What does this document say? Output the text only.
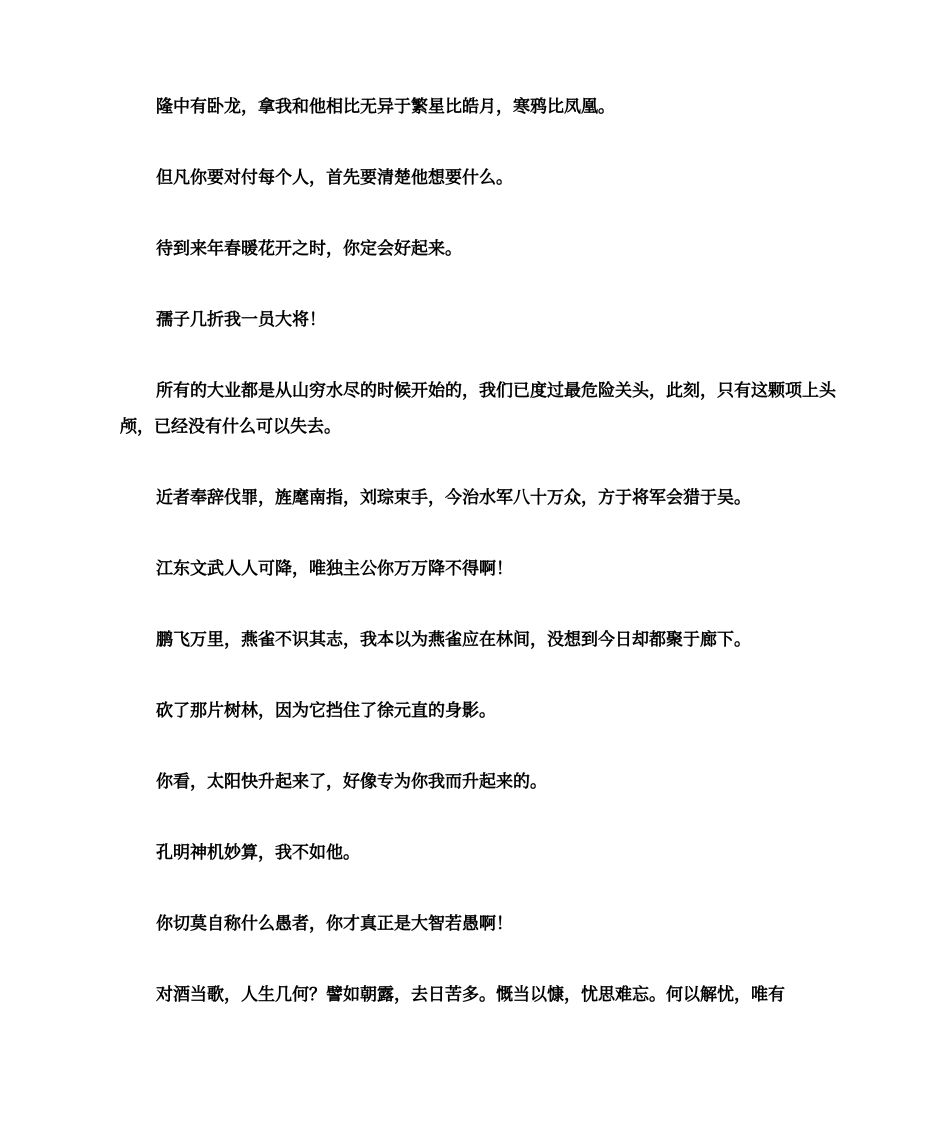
隆中有卧龙，拿我和他相比无异于繁星比皓月，寒鸦比凤凰。

但凡你要对付每个人，首先要清楚他想要什么。

待到来年春暖花开之时，你定会好起来。

孺子几折我一员大将！

所有的大业都是从山穷水尽的时候开始的，我们已度过最危险关头，此刻，只有这颗项上头颅，已经没有什么可以失去。

近者奉辞伐罪，旌麾南指，刘琮束手，今治水军八十万众，方于将军会猎于吴。

江东文武人人可降，唯独主公你万万降不得啊！

鹏飞万里，燕雀不识其志，我本以为燕雀应在林间，没想到今日却都聚于廊下。

砍了那片树林，因为它挡住了徐元直的身影。

你看，太阳快升起来了，好像专为你我而升起来的。

孔明神机妙算，我不如他。

你切莫自称什么愚者，你才真正是大智若愚啊！

对酒当歌，人生几何？譬如朝露，去日苦多。慨当以慷，忧思难忘。何以解忧，唯有
